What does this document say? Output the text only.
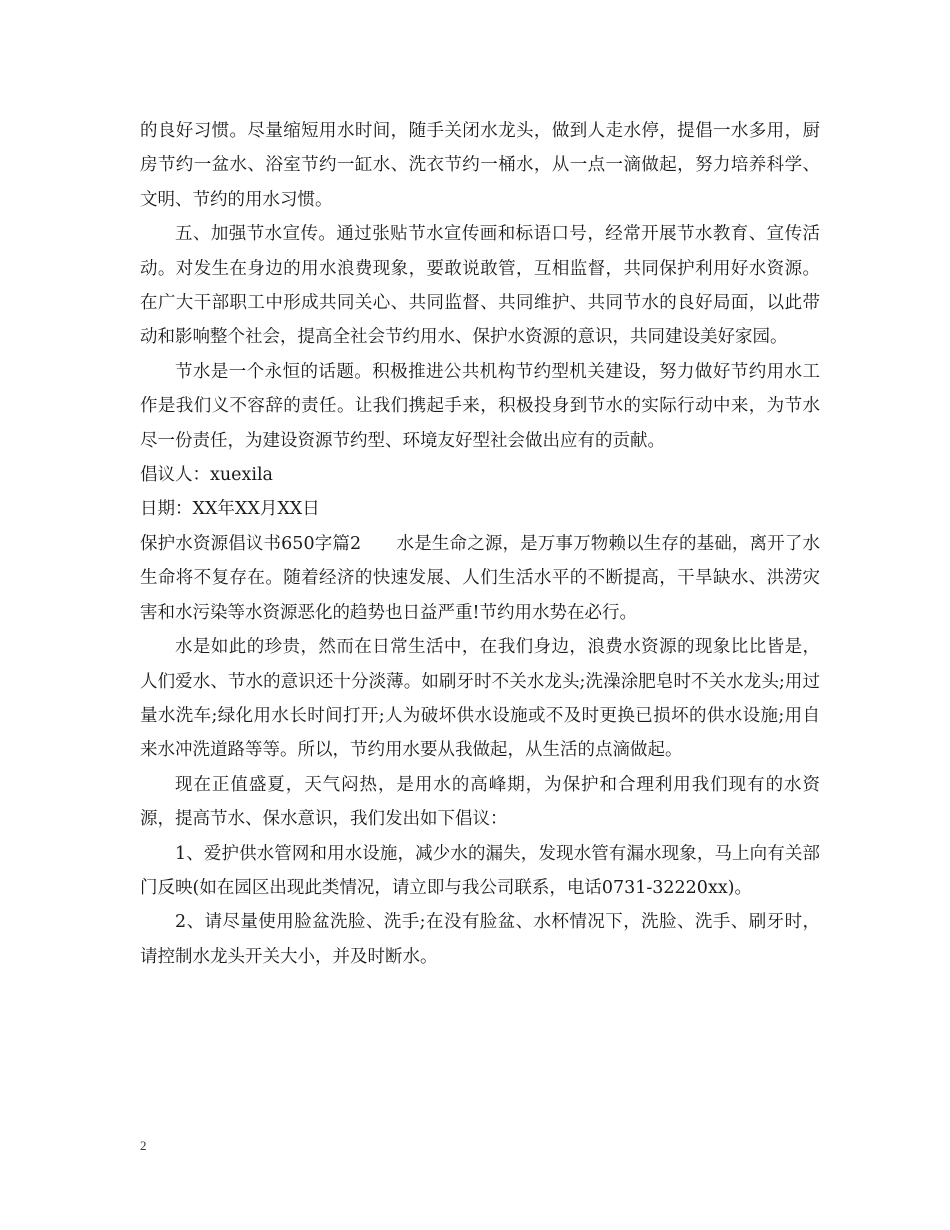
的良好习惯。尽量缩短用水时间，随手关闭水龙头，做到人走水停，提倡一水多用，厨房节约一盆水、浴室节约一缸水、洗衣节约一桶水，从一点一滴做起，努力培养科学、文明、节约的用水习惯。

五、加强节水宣传。通过张贴节水宣传画和标语口号，经常开展节水教育、宣传活动。对发生在身边的用水浪费现象，要敢说敢管，互相监督，共同保护利用好水资源。在广大干部职工中形成共同关心、共同监督、共同维护、共同节水的良好局面，以此带动和影响整个社会，提高全社会节约用水、保护水资源的意识，共同建设美好家园。

节水是一个永恒的话题。积极推进公共机构节约型机关建设，努力做好节约用水工作是我们义不容辞的责任。让我们携起手来，积极投身到节水的实际行动中来，为节水尽一份责任，为建设资源节约型、环境友好型社会做出应有的贡献。

倡议人：xuexila

日期：XX年XX月XX日

保护水资源倡议书650字篇2　　水是生命之源，是万事万物赖以生存的基础，离开了水生命将不复存在。随着经济的快速发展、人们生活水平的不断提高，干旱缺水、洪涝灾害和水污染等水资源恶化的趋势也日益严重!节约用水势在必行。

水是如此的珍贵，然而在日常生活中，在我们身边，浪费水资源的现象比比皆是，人们爱水、节水的意识还十分淡薄。如刷牙时不关水龙头;洗澡涂肥皂时不关水龙头;用过量水洗车;绿化用水长时间打开;人为破坏供水设施或不及时更换已损坏的供水设施;用自来水冲洗道路等等。所以，节约用水要从我做起，从生活的点滴做起。

现在正值盛夏，天气闷热，是用水的高峰期，为保护和合理利用我们现有的水资源，提高节水、保水意识，我们发出如下倡议：

1、爱护供水管网和用水设施，减少水的漏失，发现水管有漏水现象，马上向有关部门反映(如在园区出现此类情况，请立即与我公司联系，电话0731-32220xx)。

2、请尽量使用脸盆洗脸、洗手;在没有脸盆、水杯情况下，洗脸、洗手、刷牙时，请控制水龙头开关大小，并及时断水。

2
